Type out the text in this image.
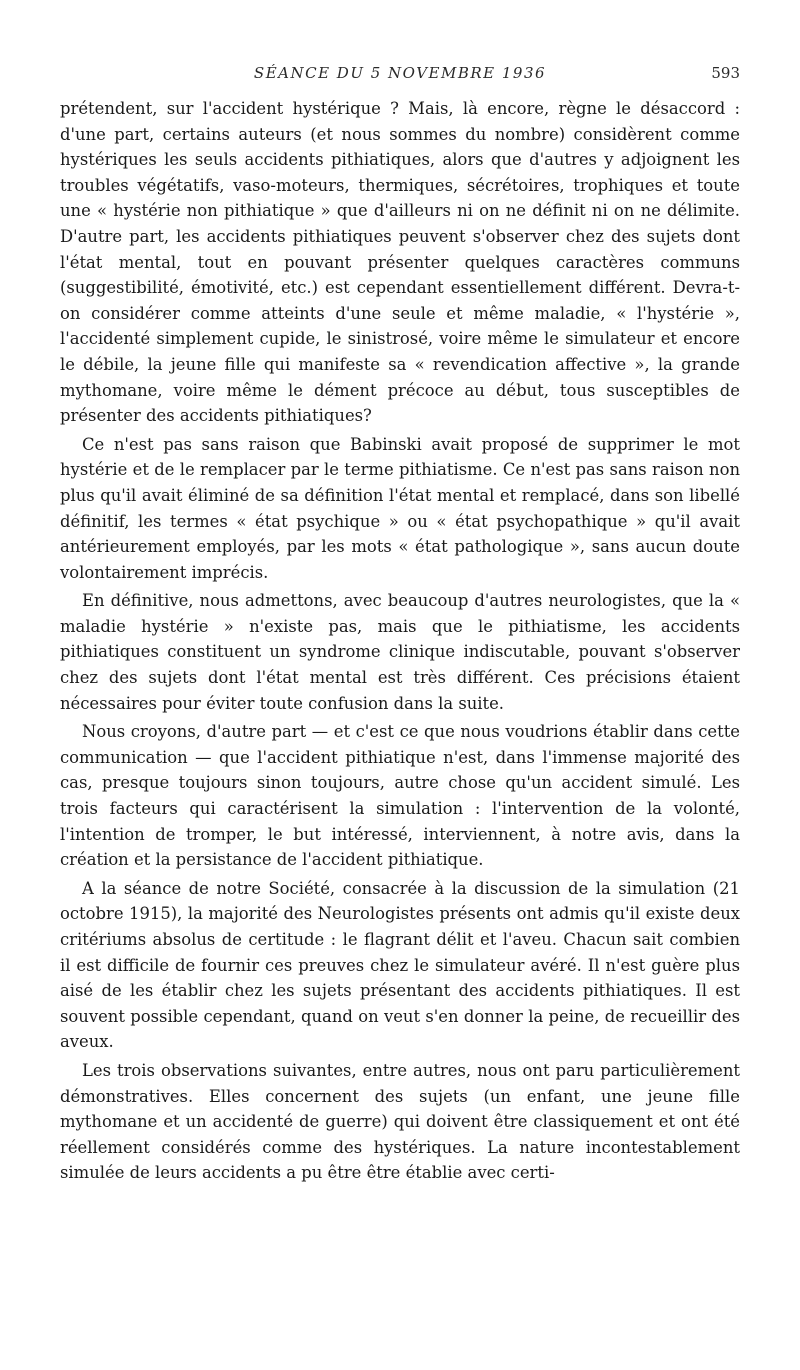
SÉANCE DU 5 NOVEMBRE 1936	593

prétendent, sur l'accident hystérique ? Mais, là encore, règne le désaccord : d'une part, certains auteurs (et nous sommes du nombre) considèrent comme hystériques les seuls accidents pithiatiques, alors que d'autres y adjoignent les troubles végétatifs, vaso-moteurs, thermiques, sécrétoires, trophiques et toute une « hystérie non pithiatique » que d'ailleurs ni on ne définit ni on ne délimite. D'autre part, les accidents pithiatiques peuvent s'observer chez des sujets dont l'état mental, tout en pouvant présenter quelques caractères communs (suggestibilité, émotivité, etc.) est cependant essentiellement différent. Devra-t-on considérer comme atteints d'une seule et même maladie, « l'hystérie », l'accidenté simplement cupide, le sinistrosé, voire même le simulateur et encore le débile, la jeune fille qui manifeste sa « revendication affective », la grande mythomane, voire même le dément précoce au début, tous susceptibles de présenter des accidents pithiatiques?

Ce n'est pas sans raison que Babinski avait proposé de supprimer le mot hystérie et de le remplacer par le terme pithiatisme. Ce n'est pas sans raison non plus qu'il avait éliminé de sa définition l'état mental et remplacé, dans son libellé définitif, les termes « état psychique » ou « état psychopathique » qu'il avait antérieurement employés, par les mots « état pathologique », sans aucun doute volontairement imprécis.

En définitive, nous admettons, avec beaucoup d'autres neurologistes, que la « maladie hystérie » n'existe pas, mais que le pithiatisme, les accidents pithiatiques constituent un syndrome clinique indiscutable, pouvant s'observer chez des sujets dont l'état mental est très différent. Ces précisions étaient nécessaires pour éviter toute confusion dans la suite.

Nous croyons, d'autre part — et c'est ce que nous voudrions établir dans cette communication — que l'accident pithiatique n'est, dans l'immense majorité des cas, presque toujours sinon toujours, autre chose qu'un accident simulé. Les trois facteurs qui caractérisent la simulation : l'intervention de la volonté, l'intention de tromper, le but intéressé, interviennent, à notre avis, dans la création et la persistance de l'accident pithiatique.

A la séance de notre Société, consacrée à la discussion de la simulation (21 octobre 1915), la majorité des Neurologistes présents ont admis qu'il existe deux critériums absolus de certitude : le flagrant délit et l'aveu. Chacun sait combien il est difficile de fournir ces preuves chez le simulateur avéré. Il n'est guère plus aisé de les établir chez les sujets présentant des accidents pithiatiques. Il est souvent possible cependant, quand on veut s'en donner la peine, de recueillir des aveux.

Les trois observations suivantes, entre autres, nous ont paru particulièrement démonstratives. Elles concernent des sujets (un enfant, une jeune fille mythomane et un accidenté de guerre) qui doivent être classiquement et ont été réellement considérés comme des hystériques. La nature incontestablement simulée de leurs accidents a pu être être établie avec certi-
